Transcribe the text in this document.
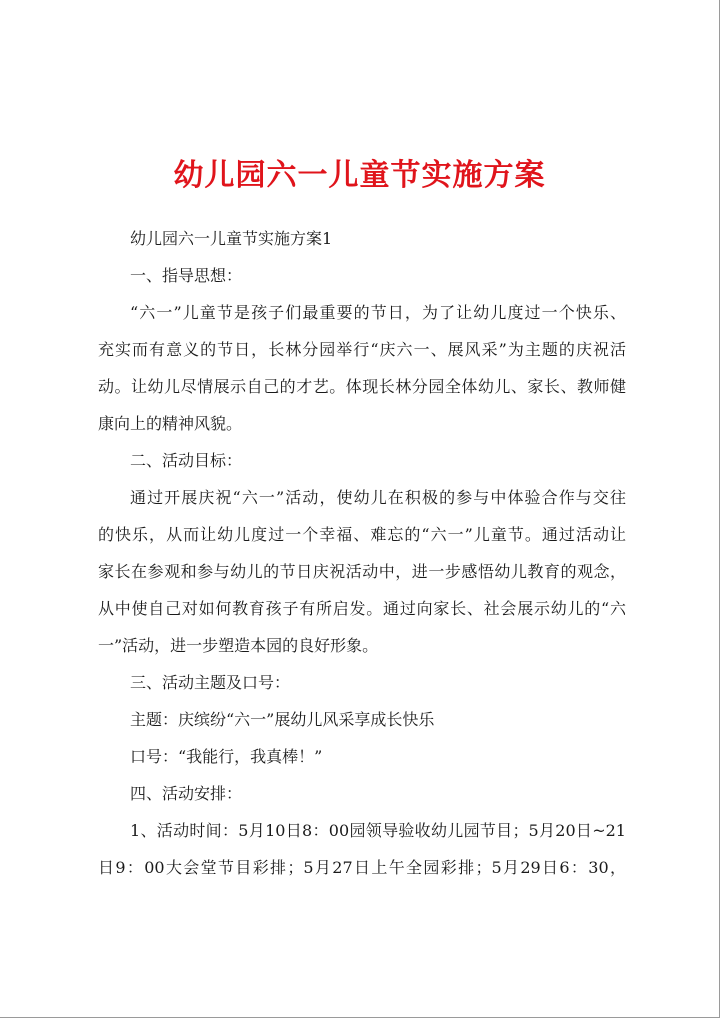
幼儿园六一儿童节实施方案
幼儿园六一儿童节实施方案1
一、指导思想：
“六一”儿童节是孩子们最重要的节日，为了让幼儿度过一个快乐、
充实而有意义的节日，长林分园举行“庆六一、展风采”为主题的庆祝活
动。让幼儿尽情展示自己的才艺。体现长林分园全体幼儿、家长、教师健
康向上的精神风貌。
二、活动目标：
通过开展庆祝“六一”活动，使幼儿在积极的参与中体验合作与交往
的快乐，从而让幼儿度过一个幸福、难忘的“六一”儿童节。通过活动让
家长在参观和参与幼儿的节日庆祝活动中，进一步感悟幼儿教育的观念，
从中使自己对如何教育孩子有所启发。通过向家长、社会展示幼儿的“六
一”活动，进一步塑造本园的良好形象。
三、活动主题及口号：
主题：庆缤纷“六一”展幼儿风采享成长快乐
口号：“我能行，我真棒！”
四、活动安排：
1、活动时间：5月10日8：00园领导验收幼儿园节目；5月20日~21
日9：00大会堂节目彩排；5月27日上午全园彩排；5月29日6：30，
